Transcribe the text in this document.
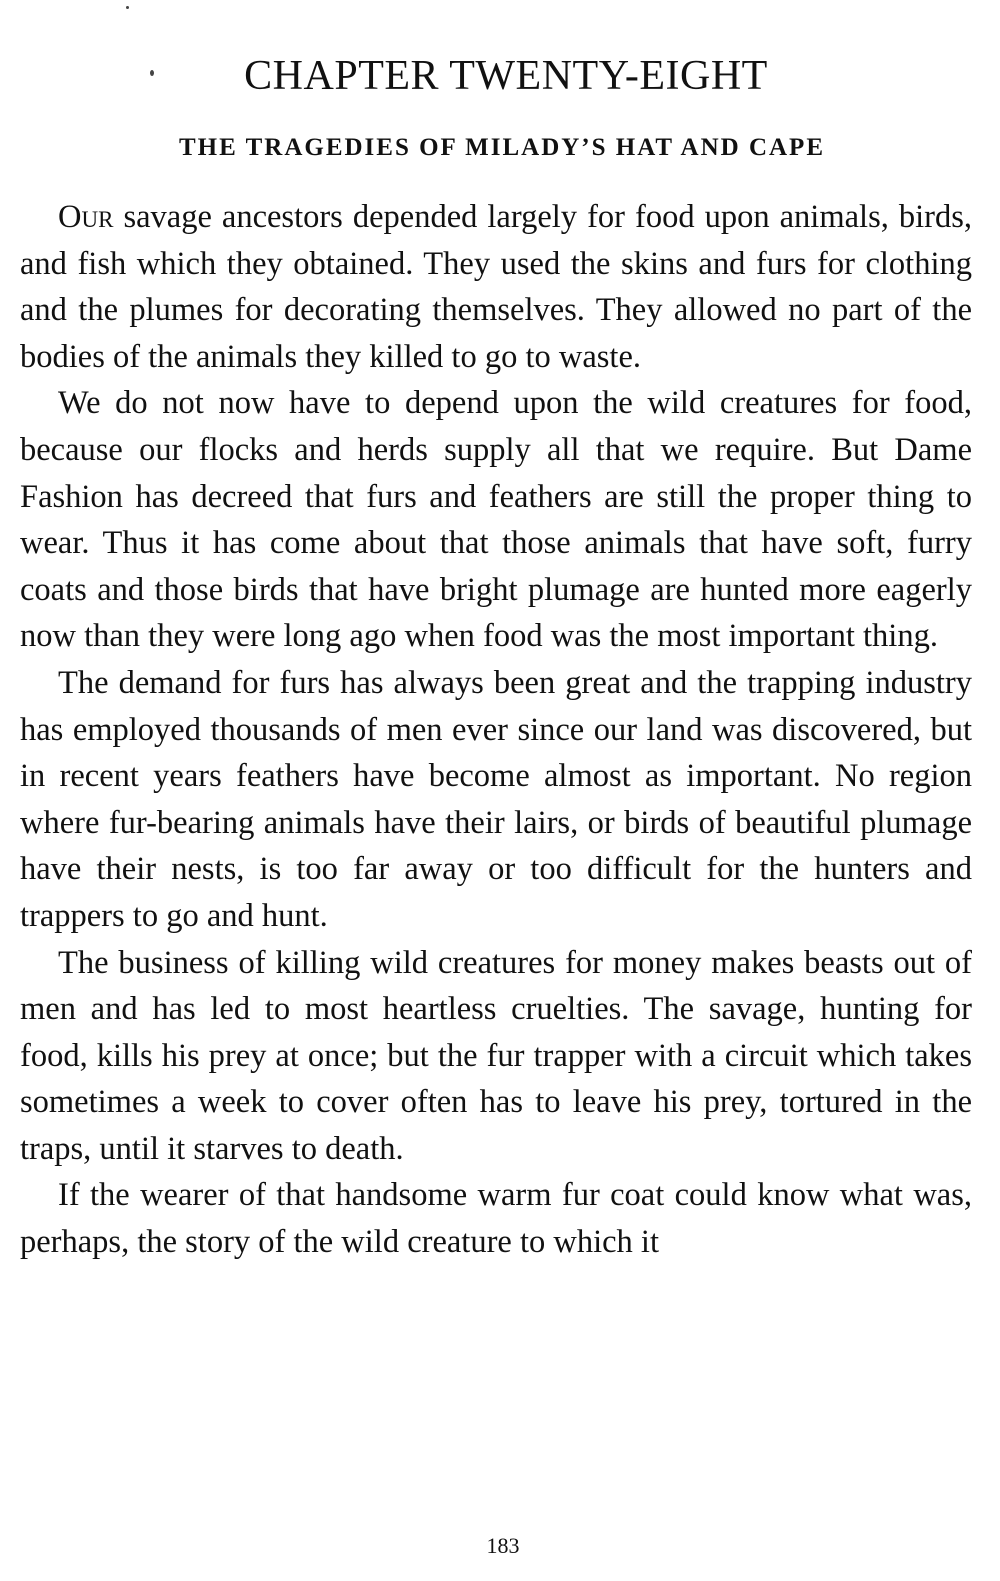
CHAPTER TWENTY-EIGHT
THE TRAGEDIES OF MILADY’S HAT AND CAPE

Our savage ancestors depended largely for food upon animals, birds, and fish which they obtained. They used the skins and furs for clothing and the plumes for decorating themselves. They allowed no part of the bodies of the animals they killed to go to waste.

We do not now have to depend upon the wild creatures for food, because our flocks and herds supply all that we require. But Dame Fashion has decreed that furs and feathers are still the proper thing to wear. Thus it has come about that those animals that have soft, furry coats and those birds that have bright plumage are hunted more eagerly now than they were long ago when food was the most important thing.

The demand for furs has always been great and the trapping industry has employed thousands of men ever since our land was discovered, but in recent years feathers have become almost as important. No region where fur-bearing animals have their lairs, or birds of beautiful plumage have their nests, is too far away or too difficult for the hunters and trappers to go and hunt.

The business of killing wild creatures for money makes beasts out of men and has led to most heartless cruelties. The savage, hunting for food, kills his prey at once; but the fur trapper with a circuit which takes sometimes a week to cover often has to leave his prey, tortured in the traps, until it starves to death.

If the wearer of that handsome warm fur coat could know what was, perhaps, the story of the wild creature to which it

183
